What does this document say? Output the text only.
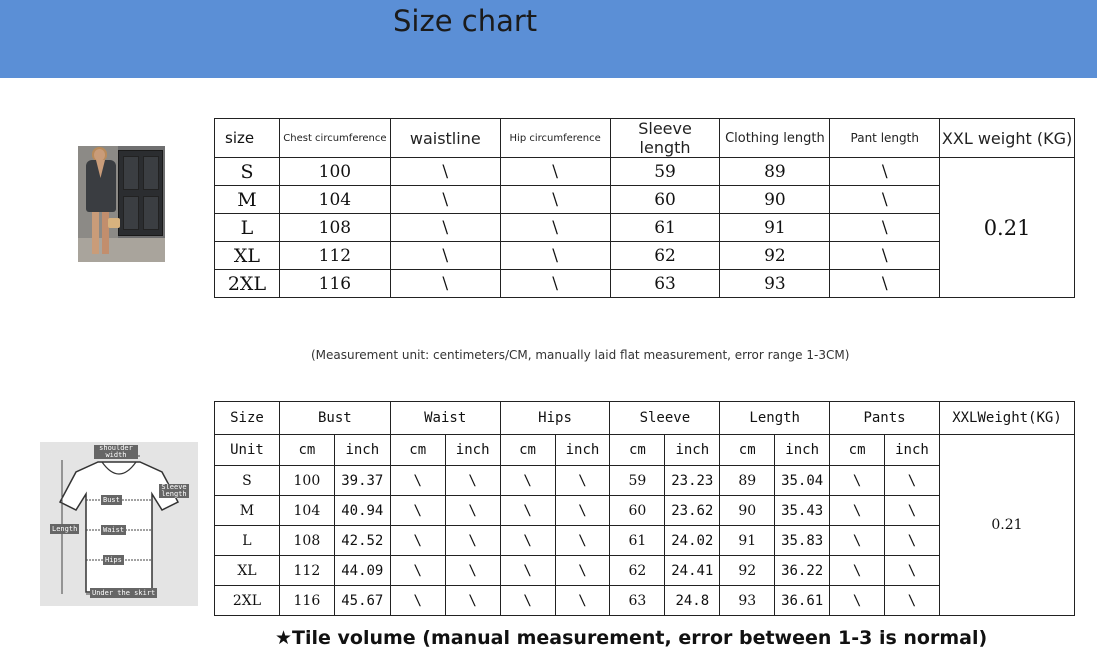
Size chart
size	Chest circumference	waistline	Hip circumference	Sleeve length	Clothing length	Pant length	XXL weight (KG)
S	100	\	\	59	89	\	0.21
M	104	\	\	60	90	\	
L	108	\	\	61	91	\	
XL	112	\	\	62	92	\	
2XL	116	\	\	63	93	\	
(Measurement unit: centimeters/CM, manually laid flat measurement, error range 1-3CM)
shoulder width
Sleeve length
Bust
Waist
Hips
Length
Under the skirt
Size	Bust		Waist		Hips		Sleeve		Length		Pants		XXLWeight(KG)
Unit	cm	inch	cm	inch	cm	inch	cm	inch	cm	inch	cm	inch	0.21
S	100	39.37	\	\	\	\	59	23.23	89	35.04	\	\	
M	104	40.94	\	\	\	\	60	23.62	90	35.43	\	\	
L	108	42.52	\	\	\	\	61	24.02	91	35.83	\	\	
XL	112	44.09	\	\	\	\	62	24.41	92	36.22	\	\	
2XL	116	45.67	\	\	\	\	63	24.8	93	36.61	\	\	
★Tile volume (manual measurement, error between 1-3 is normal)
